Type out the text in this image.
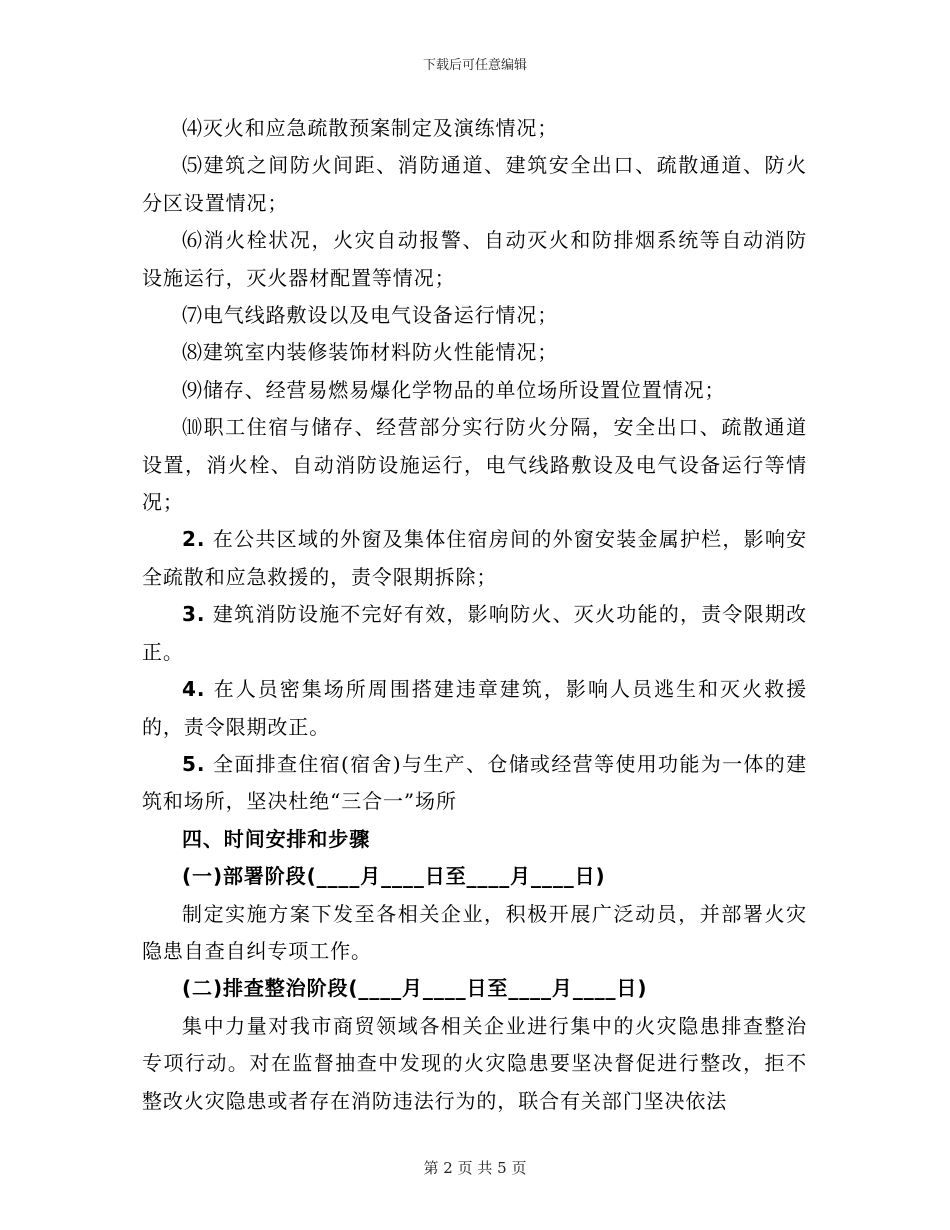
下载后可任意编辑

⑷灭火和应急疏散预案制定及演练情况；

⑸建筑之间防火间距、消防通道、建筑安全出口、疏散通道、防火分区设置情况；

⑹消火栓状况，火灾自动报警、自动灭火和防排烟系统等自动消防设施运行，灭火器材配置等情况；

⑺电气线路敷设以及电气设备运行情况；

⑻建筑室内装修装饰材料防火性能情况；

⑼储存、经营易燃易爆化学物品的单位场所设置位置情况；

⑽职工住宿与储存、经营部分实行防火分隔，安全出口、疏散通道设置，消火栓、自动消防设施运行，电气线路敷设及电气设备运行等情况；

2. 在公共区域的外窗及集体住宿房间的外窗安装金属护栏，影响安全疏散和应急救援的，责令限期拆除；

3. 建筑消防设施不完好有效，影响防火、灭火功能的，责令限期改正。

4. 在人员密集场所周围搭建违章建筑，影响人员逃生和灭火救援的，责令限期改正。

5. 全面排查住宿(宿舍)与生产、仓储或经营等使用功能为一体的建筑和场所，坚决杜绝“三合一”场所

四、时间安排和步骤

(一)部署阶段(____月____日至____月____日)

制定实施方案下发至各相关企业，积极开展广泛动员，并部署火灾隐患自查自纠专项工作。

(二)排查整治阶段(____月____日至____月____日)

集中力量对我市商贸领域各相关企业进行集中的火灾隐患排查整治专项行动。对在监督抽查中发现的火灾隐患要坚决督促进行整改，拒不整改火灾隐患或者存在消防违法行为的，联合有关部门坚决依法

第 2 页 共 5 页
